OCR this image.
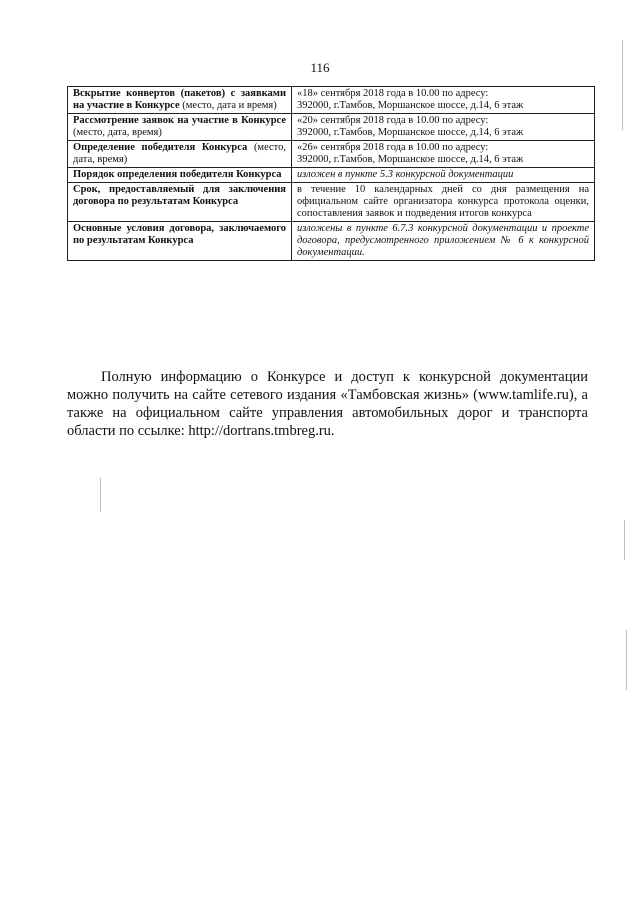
116
Вскрытие конвертов (пакетов) с заявками на участие в Конкурсе (место, дата и время)	«18» сентября 2018 года в 10.00 по адресу:
392000, г.Тамбов, Моршанское шоссе, д.14, 6 этаж

Рассмотрение заявок на участие в Конкурсе (место, дата, время)	«20» сентября 2018 года в 10.00 по адресу:
392000, г.Тамбов, Моршанское шоссе, д.14, 6 этаж

Определение победителя Конкурса (место, дата, время)	«26» сентября 2018 года в 10.00 по адресу:
392000, г.Тамбов, Моршанское шоссе, д.14, 6 этаж

Порядок определения победителя Конкурса	изложен в пункте 5.3 конкурсной документации
Срок, предоставляемый для заключения договора по результатам Конкурса	в течение 10 календарных дней со дня размещения на официальном сайте организатора конкурса протокола оценки, сопоставления заявок и подведения итогов конкурса
Основные условия договора, заключаемого по результатам Конкурса	изложены в пункте 6.7.3 конкурсной документации и проекте договора, предусмотренного приложением № 6 к конкурсной документации.

Полную информацию о Конкурсе и доступ к конкурсной документации можно получить на сайте сетевого издания «Тамбовская жизнь» (www.tamlife.ru), а также на официальном сайте управления автомобильных дорог и транспорта области по ссылке: http://dortrans.tmbreg.ru.
